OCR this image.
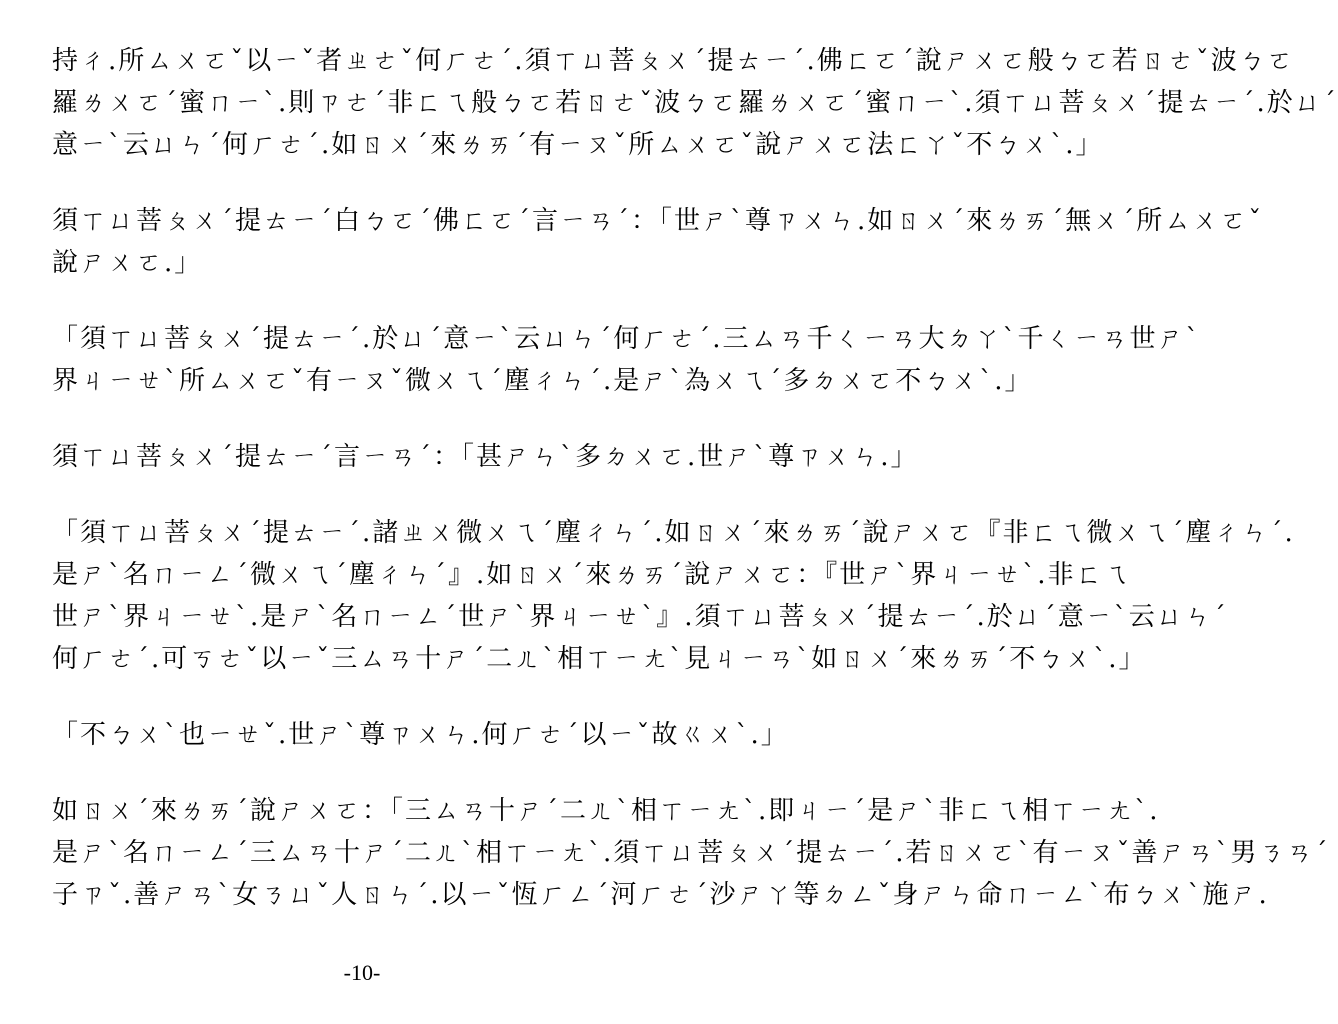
持ㄔ.所ㄙㄨㄛˇ以ㄧˇ者ㄓㄜˇ何ㄏㄜˊ.須ㄒㄩ菩ㄆㄨˊ提ㄊㄧˊ.佛ㄈㄛˊ說ㄕㄨㄛ般ㄅㄛ若ㄖㄜˇ波ㄅㄛ
羅ㄌㄨㄛˊ蜜ㄇㄧˋ.則ㄗㄜˊ非ㄈㄟ般ㄅㄛ若ㄖㄜˇ波ㄅㄛ羅ㄌㄨㄛˊ蜜ㄇㄧˋ.須ㄒㄩ菩ㄆㄨˊ提ㄊㄧˊ.於ㄩˊ
意ㄧˋ云ㄩㄣˊ何ㄏㄜˊ.如ㄖㄨˊ來ㄌㄞˊ有ㄧㄡˇ所ㄙㄨㄛˇ說ㄕㄨㄛ法ㄈㄚˇ不ㄅㄨˋ.」
須ㄒㄩ菩ㄆㄨˊ提ㄊㄧˊ白ㄅㄛˊ佛ㄈㄛˊ言ㄧㄢˊ：「世ㄕˋ尊ㄗㄨㄣ.如ㄖㄨˊ來ㄌㄞˊ無ㄨˊ所ㄙㄨㄛˇ
說ㄕㄨㄛ.」
「須ㄒㄩ菩ㄆㄨˊ提ㄊㄧˊ.於ㄩˊ意ㄧˋ云ㄩㄣˊ何ㄏㄜˊ.三ㄙㄢ千ㄑㄧㄢ大ㄉㄚˋ千ㄑㄧㄢ世ㄕˋ
界ㄐㄧㄝˋ所ㄙㄨㄛˇ有ㄧㄡˇ微ㄨㄟˊ塵ㄔㄣˊ.是ㄕˋ為ㄨㄟˊ多ㄉㄨㄛ不ㄅㄨˋ.」
須ㄒㄩ菩ㄆㄨˊ提ㄊㄧˊ言ㄧㄢˊ：「甚ㄕㄣˋ多ㄉㄨㄛ.世ㄕˋ尊ㄗㄨㄣ.」
「須ㄒㄩ菩ㄆㄨˊ提ㄊㄧˊ.諸ㄓㄨ微ㄨㄟˊ塵ㄔㄣˊ.如ㄖㄨˊ來ㄌㄞˊ說ㄕㄨㄛ『非ㄈㄟ微ㄨㄟˊ塵ㄔㄣˊ.
是ㄕˋ名ㄇㄧㄥˊ微ㄨㄟˊ塵ㄔㄣˊ』.如ㄖㄨˊ來ㄌㄞˊ說ㄕㄨㄛ：『世ㄕˋ界ㄐㄧㄝˋ.非ㄈㄟ
世ㄕˋ界ㄐㄧㄝˋ.是ㄕˋ名ㄇㄧㄥˊ世ㄕˋ界ㄐㄧㄝˋ』.須ㄒㄩ菩ㄆㄨˊ提ㄊㄧˊ.於ㄩˊ意ㄧˋ云ㄩㄣˊ
何ㄏㄜˊ.可ㄎㄜˇ以ㄧˇ三ㄙㄢ十ㄕˊ二ㄦˋ相ㄒㄧㄤˋ見ㄐㄧㄢˋ如ㄖㄨˊ來ㄌㄞˊ不ㄅㄨˋ.」
「不ㄅㄨˋ也ㄧㄝˇ.世ㄕˋ尊ㄗㄨㄣ.何ㄏㄜˊ以ㄧˇ故ㄍㄨˋ.」
如ㄖㄨˊ來ㄌㄞˊ說ㄕㄨㄛ：「三ㄙㄢ十ㄕˊ二ㄦˋ相ㄒㄧㄤˋ.即ㄐㄧˊ是ㄕˋ非ㄈㄟ相ㄒㄧㄤˋ.
是ㄕˋ名ㄇㄧㄥˊ三ㄙㄢ十ㄕˊ二ㄦˋ相ㄒㄧㄤˋ.須ㄒㄩ菩ㄆㄨˊ提ㄊㄧˊ.若ㄖㄨㄛˋ有ㄧㄡˇ善ㄕㄢˋ男ㄋㄢˊ
子ㄗˇ.善ㄕㄢˋ女ㄋㄩˇ人ㄖㄣˊ.以ㄧˇ恆ㄏㄥˊ河ㄏㄜˊ沙ㄕㄚ等ㄉㄥˇ身ㄕㄣ命ㄇㄧㄥˋ布ㄅㄨˋ施ㄕ.
-10-
